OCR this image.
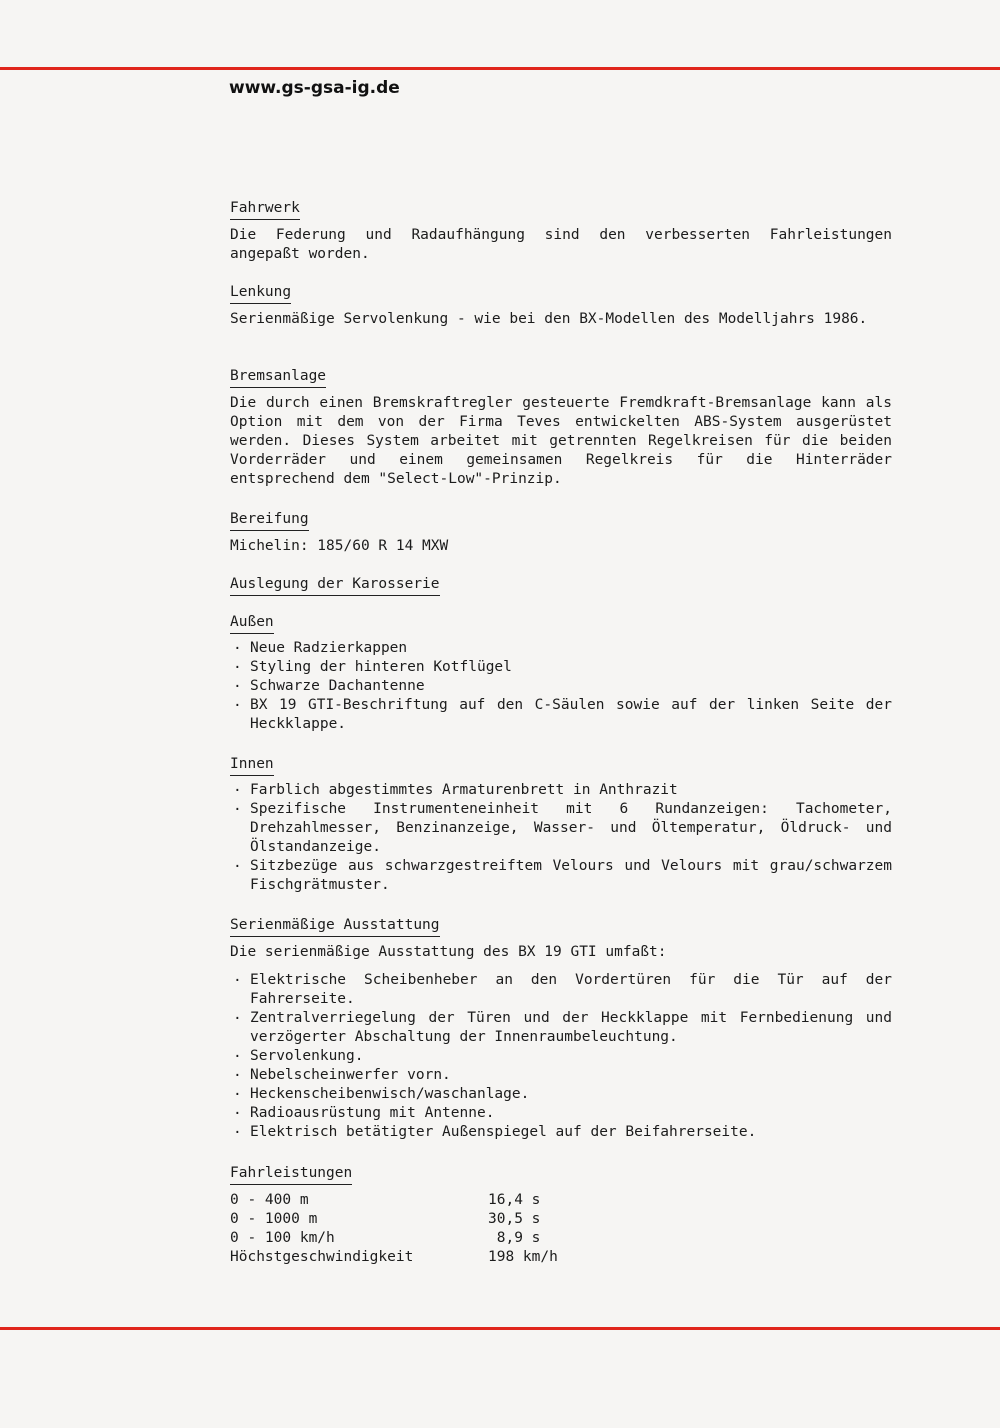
www.gs-gsa-ig.de
Fahrwerk
Die Federung und Radaufhängung sind den verbesserten Fahrleistungen angepaßt worden.
Lenkung
Serienmäßige Servolenkung - wie bei den BX-Modellen des Modelljahrs 1986.
Bremsanlage
Die durch einen Bremskraftregler gesteuerte Fremdkraft-Bremsanlage kann als Option mit dem von der Firma Teves entwickelten ABS-System ausgerüstet werden. Dieses System arbeitet mit getrennten Regelkreisen für die beiden Vorderräder und einem gemeinsamen Regelkreis für die Hinterräder entsprechend dem "Select-Low"-Prinzip.
Bereifung
Michelin: 185/60 R 14 MXW
Auslegung der Karosserie
Außen
. Neue Radzierkappen
. Styling der hinteren Kotflügel
. Schwarze Dachantenne
. BX 19 GTI-Beschriftung auf den C-Säulen sowie auf der linken Seite der Heckklappe.
Innen
. Farblich abgestimmtes Armaturenbrett in Anthrazit
. Spezifische Instrumenteneinheit mit 6 Rundanzeigen: Tachometer, Drehzahlmesser, Benzinanzeige, Wasser- und Öltemperatur, Öldruck- und Ölstandanzeige.
. Sitzbezüge aus schwarzgestreiftem Velours und Velours mit grau/schwarzem Fischgrätmuster.
Serienmäßige Ausstattung
Die serienmäßige Ausstattung des BX 19 GTI umfaßt:
. Elektrische Scheibenheber an den Vordertüren für die Tür auf der Fahrerseite.
. Zentralverriegelung der Türen und der Heckklappe mit Fernbedienung und verzögerter Abschaltung der Innenraumbeleuchtung.
. Servolenkung.
. Nebelscheinwerfer vorn.
. Heckenscheibenwisch/waschanlage.
. Radioausrüstung mit Antenne.
. Elektrisch betätigter Außenspiegel auf der Beifahrerseite.
Fahrleistungen
0 - 400 m	16,4 s
0 - 1000 m	30,5 s
0 - 100 km/h	8,9 s
Höchstgeschwindigkeit	198 km/h
